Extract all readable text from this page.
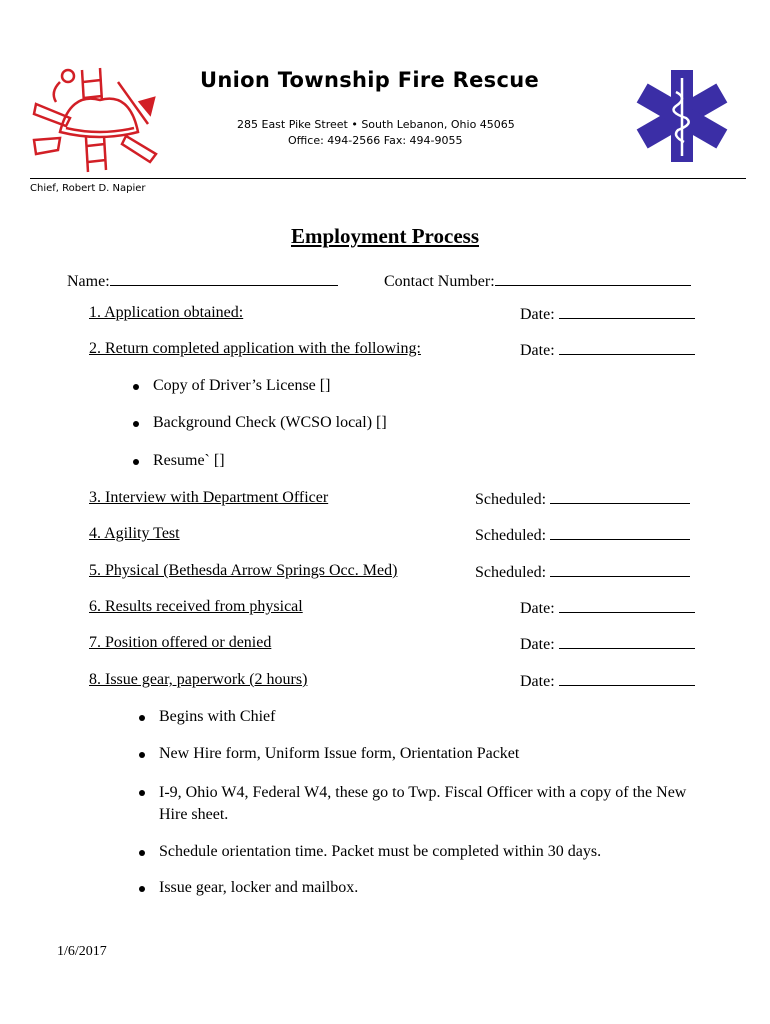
Union Township Fire Rescue
285 East Pike Street • South Lebanon, Ohio 45065
Office: 494-2566 Fax: 494-9055
Chief, Robert D. Napier
Employment Process
Name:	Contact Number:
1. Application obtained:	Date:
2. Return completed application with the following:	Date:
Copy of Driver’s License []
Background Check (WCSO local) []
Resume` []
3. Interview with Department Officer	Scheduled:
4. Agility Test	Scheduled:
5. Physical (Bethesda Arrow Springs Occ. Med)	Scheduled:
6. Results received from physical	Date:
7. Position offered or denied	Date:
8. Issue gear, paperwork (2 hours)	Date:
Begins with Chief
New Hire form, Uniform Issue form, Orientation Packet
I-9, Ohio W4, Federal W4, these go to Twp. Fiscal Officer with a copy of the New Hire sheet.
Schedule orientation time. Packet must be completed within 30 days.
Issue gear, locker and mailbox.
1/6/2017
